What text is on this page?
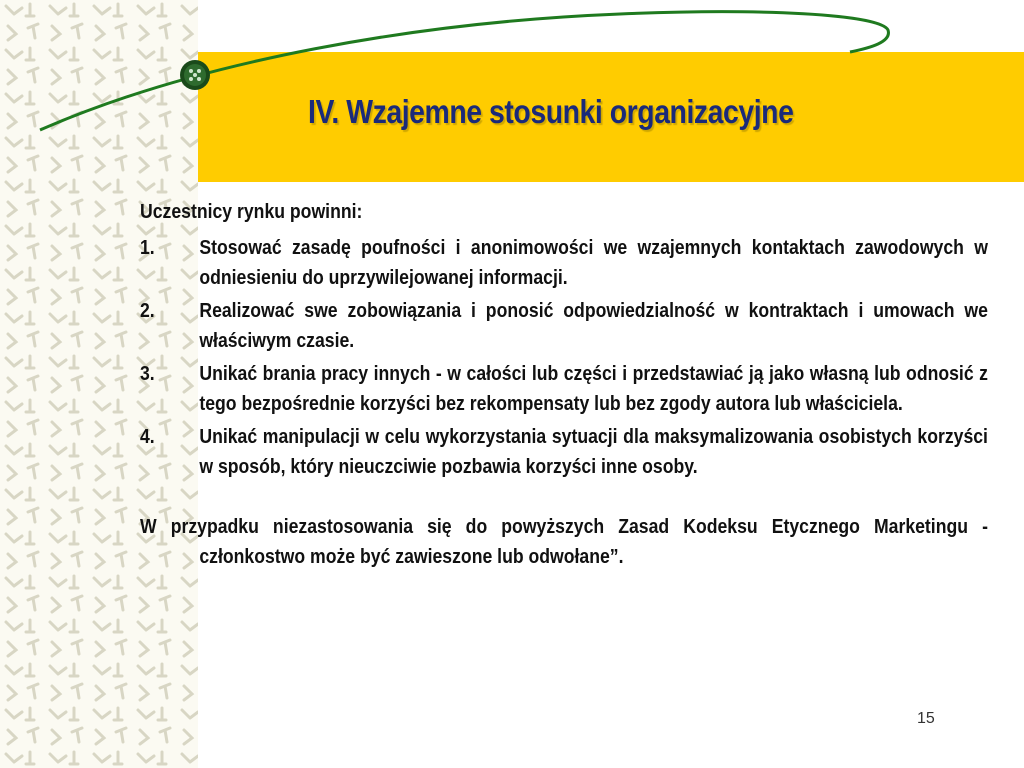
IV. Wzajemne stosunki organizacyjne

Uczestnicy rynku powinni:

1.	Stosować zasadę poufności i anonimowości we wzajemnych kontaktach zawodowych w odniesieniu do uprzywilejowanej informacji.
2.	Realizować swe zobowiązania i ponosić odpowiedzialność w kontraktach i umowach we właściwym czasie.
3.	Unikać brania pracy innych - w całości lub części i przedstawiać ją jako własną lub odnosić z tego bezpośrednie korzyści bez rekompensaty lub bez zgody autora lub właściciela.
4.	Unikać manipulacji w celu wykorzystania sytuacji dla maksymalizowania osobistych korzyści w sposób, który nieuczciwie pozbawia korzyści inne osoby.

W przypadku niezastosowania się do powyższych Zasad Kodeksu Etycznego Marketingu - członkostwo może być zawieszone lub odwołane”.

15
